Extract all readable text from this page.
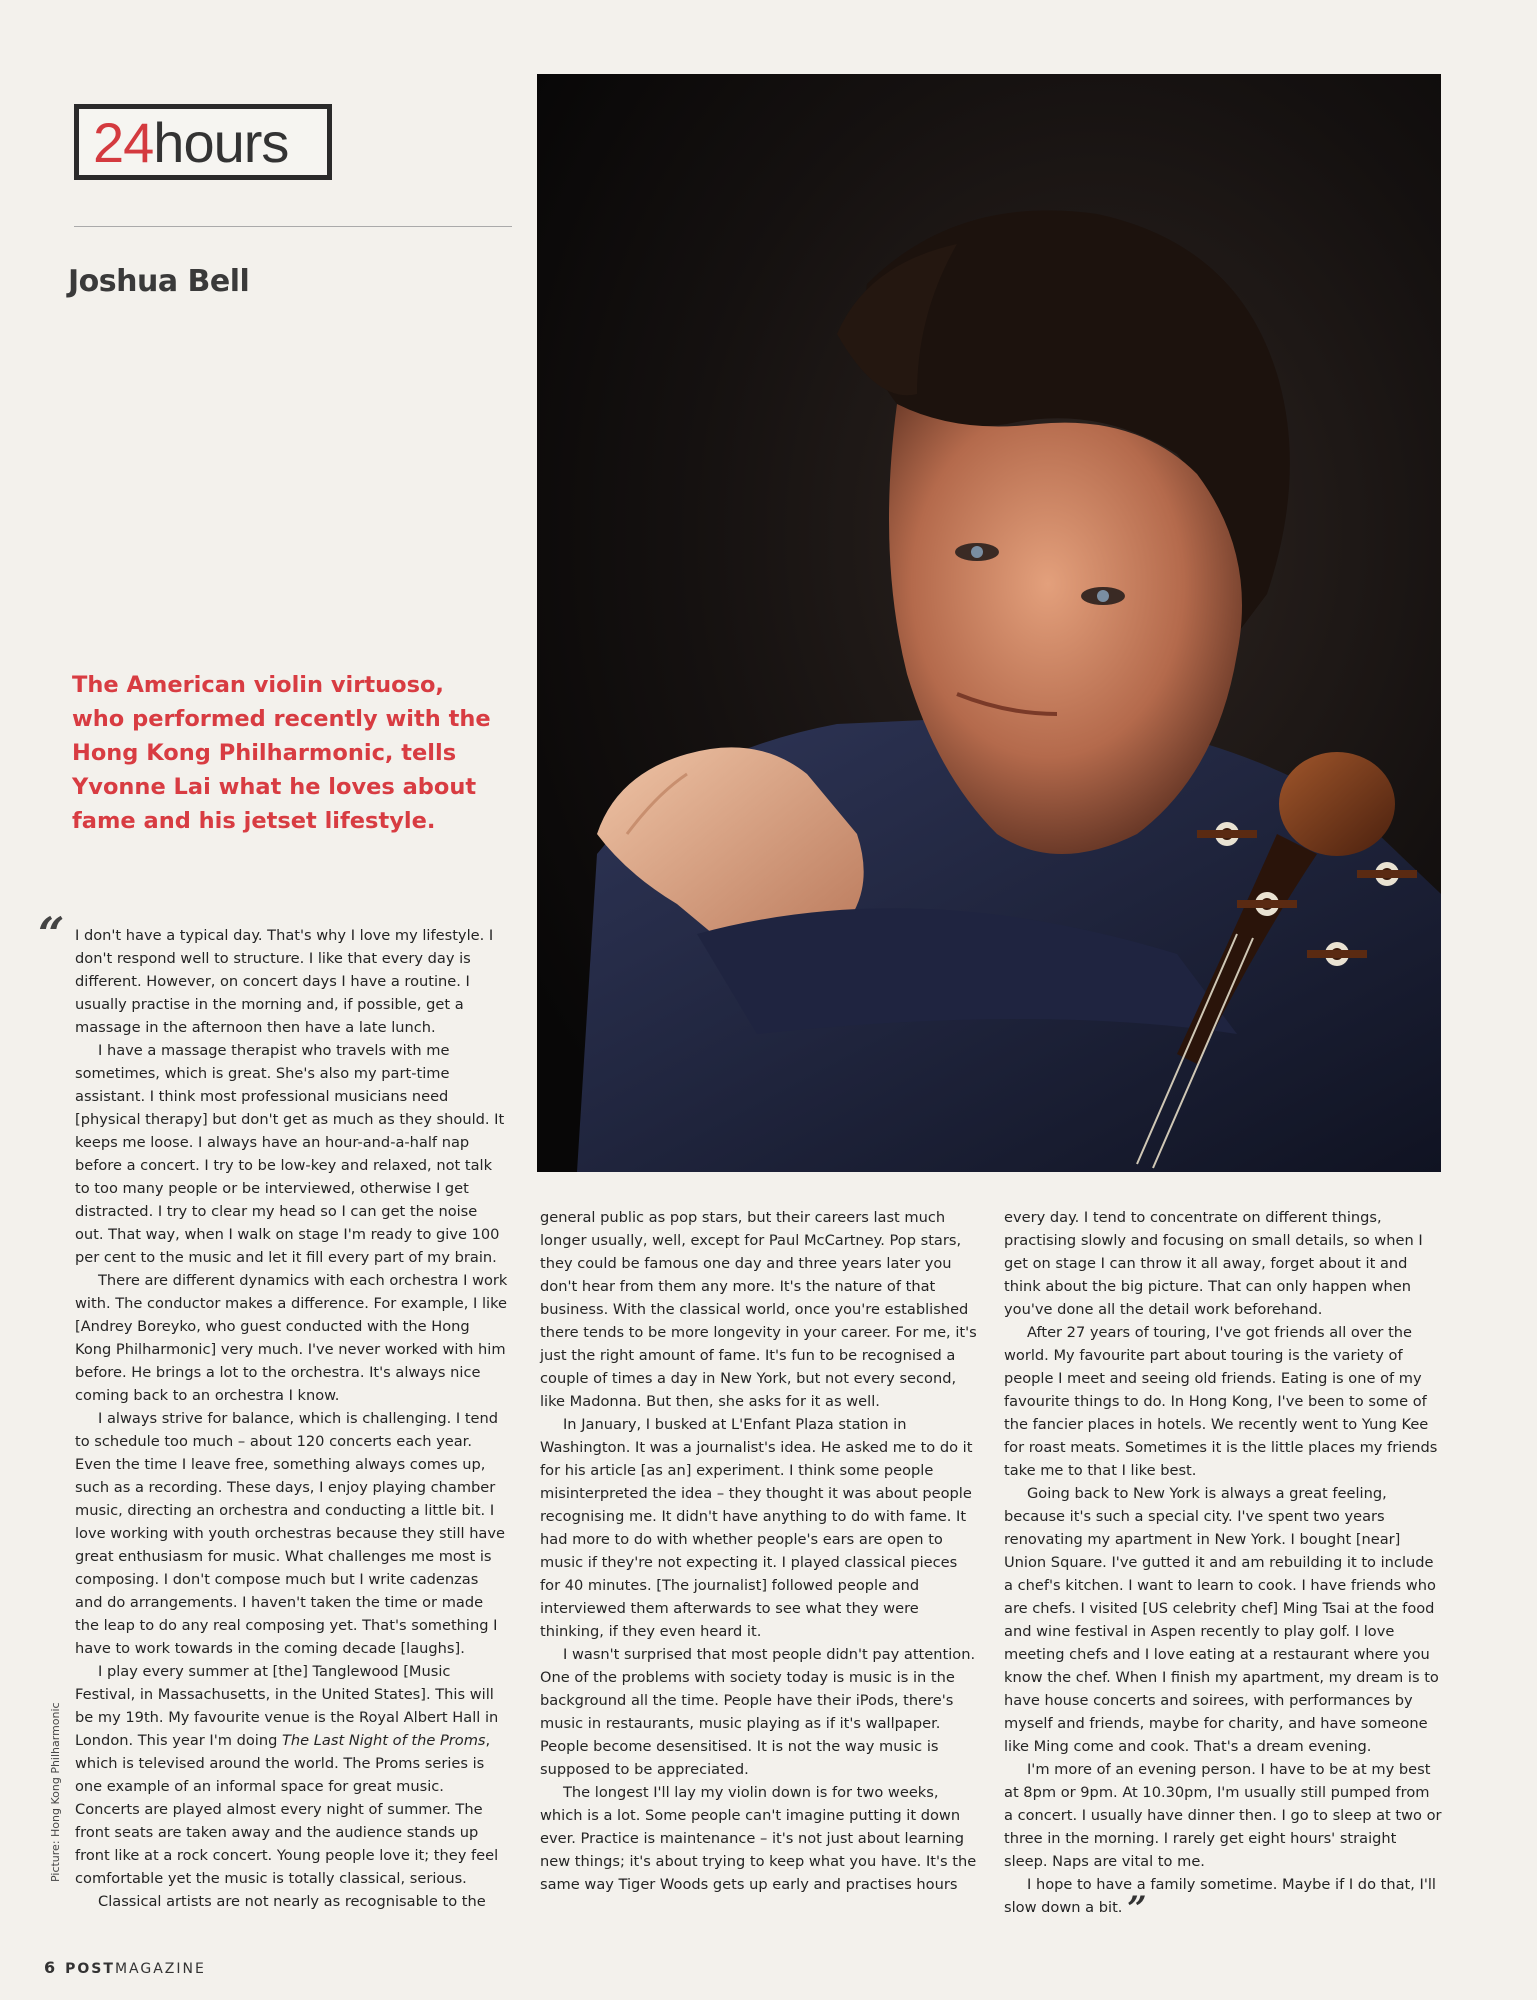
24 hours
Joshua Bell
The American violin virtuoso, who performed recently with the Hong Kong Philharmonic, tells Yvonne Lai what he loves about fame and his jetset lifestyle.
“ I don't have a typical day. That's why I love my lifestyle. I don't respond well to structure. I like that every day is different. However, on concert days I have a routine. I usually practise in the morning and, if possible, get a massage in the afternoon then have a late lunch.

I have a massage therapist who travels with me sometimes, which is great. She's also my part-time assistant. I think most professional musicians need [physical therapy] but don't get as much as they should. It keeps me loose. I always have an hour-and-a-half nap before a concert. I try to be low-key and relaxed, not talk to too many people or be interviewed, otherwise I get distracted. I try to clear my head so I can get the noise out. That way, when I walk on stage I'm ready to give 100 per cent to the music and let it fill every part of my brain.

There are different dynamics with each orchestra I work with. The conductor makes a difference. For example, I like [Andrey Boreyko, who guest conducted with the Hong Kong Philharmonic] very much. I've never worked with him before. He brings a lot to the orchestra. It's always nice coming back to an orchestra I know.

I always strive for balance, which is challenging. I tend to schedule too much – about 120 concerts each year. Even the time I leave free, something always comes up, such as a recording. These days, I enjoy playing chamber music, directing an orchestra and conducting a little bit. I love working with youth orchestras because they still have great enthusiasm for music. What challenges me most is composing. I don't compose much but I write cadenzas and do arrangements. I haven't taken the time or made the leap to do any real composing yet. That's something I have to work towards in the coming decade [laughs].

I play every summer at [the] Tanglewood [Music Festival, in Massachusetts, in the United States]. This will be my 19th. My favourite venue is the Royal Albert Hall in London. This year I'm doing The Last Night of the Proms, which is televised around the world. The Proms series is one example of an informal space for great music. Concerts are played almost every night of summer. The front seats are taken away and the audience stands up front like at a rock concert. Young people love it; they feel comfortable yet the music is totally classical, serious.

Classical artists are not nearly as recognisable to the

general public as pop stars, but their careers last much longer usually, well, except for Paul McCartney. Pop stars, they could be famous one day and three years later you don't hear from them any more. It's the nature of that business. With the classical world, once you're established there tends to be more longevity in your career. For me, it's just the right amount of fame. It's fun to be recognised a couple of times a day in New York, but not every second, like Madonna. But then, she asks for it as well.

In January, I busked at L'Enfant Plaza station in Washington. It was a journalist's idea. He asked me to do it for his article [as an] experiment. I think some people misinterpreted the idea – they thought it was about people recognising me. It didn't have anything to do with fame. It had more to do with whether people's ears are open to music if they're not expecting it. I played classical pieces for 40 minutes. [The journalist] followed people and interviewed them afterwards to see what they were thinking, if they even heard it.

I wasn't surprised that most people didn't pay attention. One of the problems with society today is music is in the background all the time. People have their iPods, there's music in restaurants, music playing as if it's wallpaper. People become desensitised. It is not the way music is supposed to be appreciated.

The longest I'll lay my violin down is for two weeks, which is a lot. Some people can't imagine putting it down ever. Practice is maintenance – it's not just about learning new things; it's about trying to keep what you have. It's the same way Tiger Woods gets up early and practises hours

every day. I tend to concentrate on different things, practising slowly and focusing on small details, so when I get on stage I can throw it all away, forget about it and think about the big picture. That can only happen when you've done all the detail work beforehand.

After 27 years of touring, I've got friends all over the world. My favourite part about touring is the variety of people I meet and seeing old friends. Eating is one of my favourite things to do. In Hong Kong, I've been to some of the fancier places in hotels. We recently went to Yung Kee for roast meats. Sometimes it is the little places my friends take me to that I like best.

Going back to New York is always a great feeling, because it's such a special city. I've spent two years renovating my apartment in New York. I bought [near] Union Square. I've gutted it and am rebuilding it to include a chef's kitchen. I want to learn to cook. I have friends who are chefs. I visited [US celebrity chef] Ming Tsai at the food and wine festival in Aspen recently to play golf. I love meeting chefs and I love eating at a restaurant where you know the chef. When I finish my apartment, my dream is to have house concerts and soirees, with performances by myself and friends, maybe for charity, and have someone like Ming come and cook. That's a dream evening.

I'm more of an evening person. I have to be at my best at 8pm or 9pm. At 10.30pm, I'm usually still pumped from a concert. I usually have dinner then. I go to sleep at two or three in the morning. I rarely get eight hours' straight sleep. Naps are vital to me.

I hope to have a family sometime. Maybe if I do that, I'll slow down a bit. ”

Picture: Hong Kong Philharmonic
6 POSTMAGAZINE
